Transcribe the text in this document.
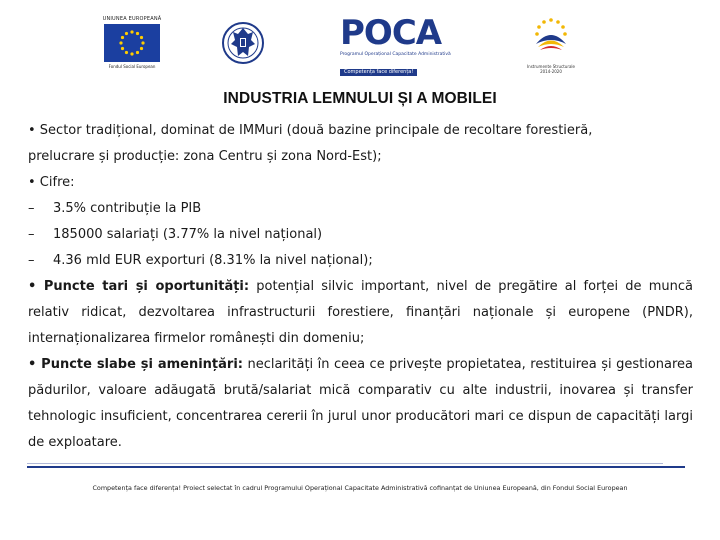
UNIUNEA EUROPEANĂ
Fondul Social European
POCA
Programul Operațional Capacitate Administrativă
Competența face diferența!
Instrumente Structurale
2014-2020
INDUSTRIA LEMNULUI ȘI A MOBILEI
• Sector tradițional, dominat de IMMuri (două bazine principale de recoltare forestieră,
prelucrare și producție: zona Centru și zona Nord-Est);
• Cifre:
–	3.5% contribuție la PIB
–	185000 salariați (3.77% la nivel național)
–	4.36 mld EUR exporturi (8.31% la nivel național);
• Puncte tari și oportunități: potențial silvic important, nivel de pregătire al forței de muncă relativ ridicat, dezvoltarea infrastructurii forestiere, finanțări naționale și europene (PNDR), internaționalizarea firmelor românești din domeniu;
• Puncte slabe și amenințări: neclarități în ceea ce privește propietatea, restituirea și gestionarea pădurilor, valoare adăugată brută/salariat mică comparativ cu alte industrii, inovarea și transfer tehnologic insuficient, concentrarea cererii în jurul unor producători mari ce dispun de capacități largi de exploatare.
Competența face diferența! Proiect selectat în cadrul Programului Operațional Capacitate Administrativă cofinanțat de Uniunea Europeană, din Fondul Social European
